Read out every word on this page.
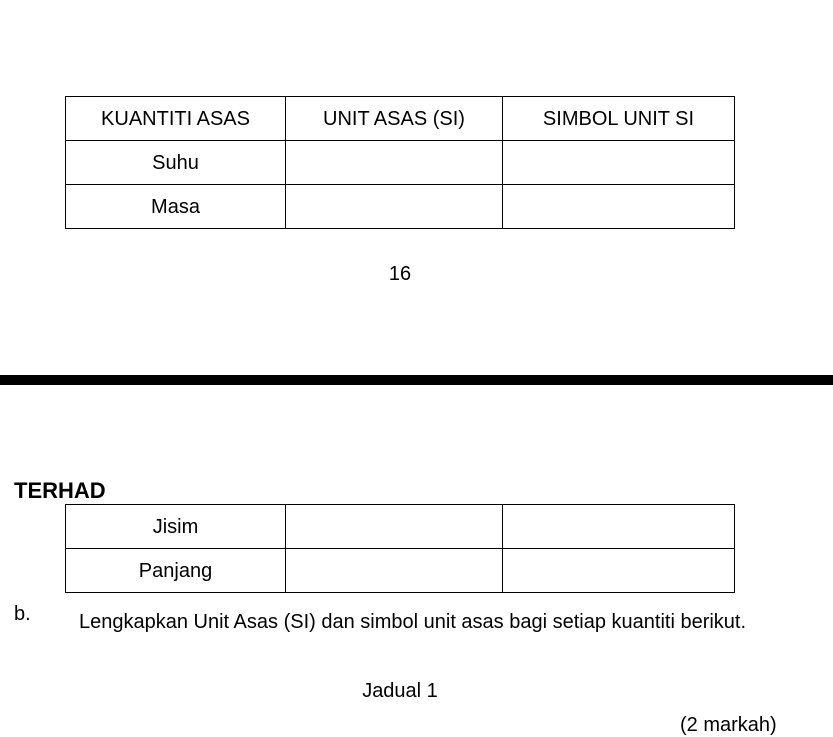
KUANTITI ASAS	UNIT ASAS (SI)	SIMBOL UNIT SI
Suhu		
Masa		
16
TERHAD
Jisim		
Panjang		
b. Lengkapkan Unit Asas (SI) dan simbol unit asas bagi setiap kuantiti berikut.
Jadual 1
(2 markah)
